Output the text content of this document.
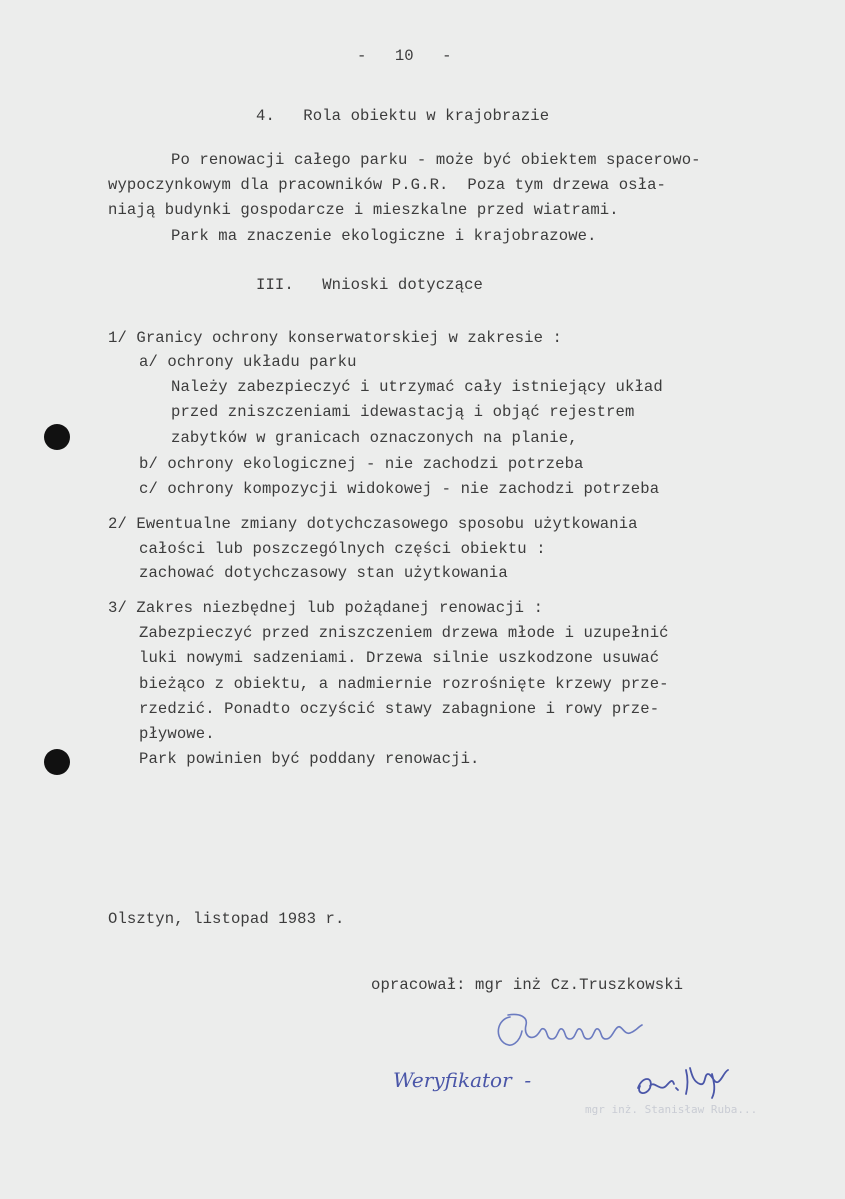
-   10   -
4.   Rola obiektu w krajobrazie
Po renowacji całego parku - może być obiektem spacerowo-
wypoczynkowym dla pracowników P.G.R.  Poza tym drzewa osła-
niają budynki gospodarcze i mieszkalne przed wiatrami.
Park ma znaczenie ekologiczne i krajobrazowe.
III.   Wnioski dotyczące
1/ Granicy ochrony konserwatorskiej w zakresie :
a/ ochrony układu parku
Należy zabezpieczyć i utrzymać cały istniejący układ
przed zniszczeniami idewastacją i objąć rejestrem
zabytków w granicach oznaczonych na planie,
b/ ochrony ekologicznej - nie zachodzi potrzeba
c/ ochrony kompozycji widokowej - nie zachodzi potrzeba
2/ Ewentualne zmiany dotychczasowego sposobu użytkowania
całości lub poszczególnych części obiektu :
zachować dotychczasowy stan użytkowania
3/ Zakres niezbędnej lub pożądanej renowacji :
Zabezpieczyć przed zniszczeniem drzewa młode i uzupełnić
luki nowymi sadzeniami. Drzewa silnie uszkodzone usuwać
bieżąco z obiektu, a nadmiernie rozrośnięte krzewy prze-
rzedzić. Ponadto oczyścić stawy zabagnione i rowy prze-
pływowe.
Park powinien być poddany renowacji.
Olsztyn, listopad 1983 r.
opracował: mgr inż Cz.Truszkowski
Weryfikator  -
mgr inż. Stanisław Ruba...
